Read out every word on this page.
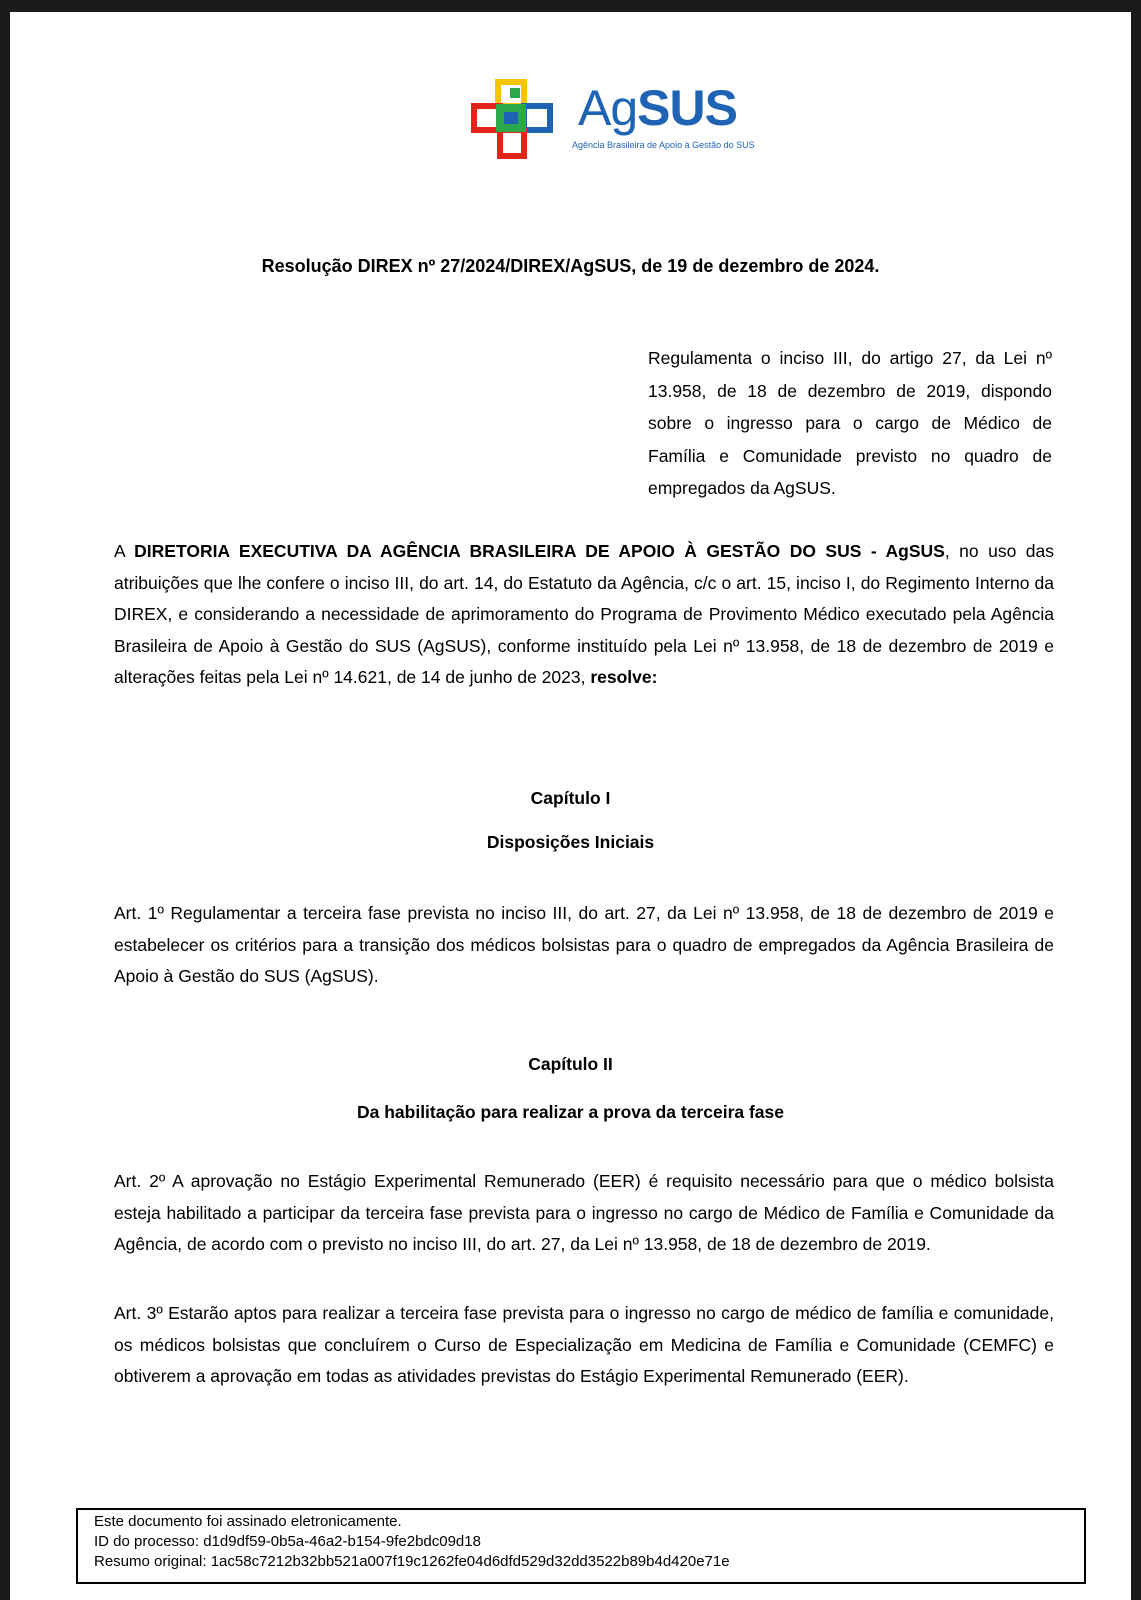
AgSUS
Agência Brasileira de Apoio à Gestão do SUS
Resolução DIREX nº 27/2024/DIREX/AgSUS, de 19 de dezembro de 2024.
Regulamenta o inciso III, do artigo 27, da Lei nº 13.958, de 18 de dezembro de 2019, dispondo sobre o ingresso para o cargo de Médico de Família e Comunidade previsto no quadro de empregados da AgSUS.
A DIRETORIA EXECUTIVA DA AGÊNCIA BRASILEIRA DE APOIO À GESTÃO DO SUS - AgSUS, no uso das atribuições que lhe confere o inciso III, do art. 14, do Estatuto da Agência, c/c o art. 15, inciso I, do Regimento Interno da DIREX, e considerando a necessidade de aprimoramento do Programa de Provimento Médico executado pela Agência Brasileira de Apoio à Gestão do SUS (AgSUS), conforme instituído pela Lei nº 13.958, de 18 de dezembro de 2019 e alterações feitas pela Lei nº 14.621, de 14 de junho de 2023, resolve:
Capítulo I
Disposições Iniciais
Art. 1º Regulamentar a terceira fase prevista no inciso III, do art. 27, da Lei nº 13.958, de 18 de dezembro de 2019 e estabelecer os critérios para a transição dos médicos bolsistas para o quadro de empregados da Agência Brasileira de Apoio à Gestão do SUS (AgSUS).
Capítulo II
Da habilitação para realizar a prova da terceira fase
Art. 2º A aprovação no Estágio Experimental Remunerado (EER) é requisito necessário para que o médico bolsista esteja habilitado a participar da terceira fase prevista para o ingresso no cargo de Médico de Família e Comunidade da Agência, de acordo com o previsto no inciso III, do art. 27, da Lei nº 13.958, de 18 de dezembro de 2019.
Art. 3º Estarão aptos para realizar a terceira fase prevista para o ingresso no cargo de médico de família e comunidade, os médicos bolsistas que concluírem o Curso de Especialização em Medicina de Família e Comunidade (CEMFC) e obtiverem a aprovação em todas as atividades previstas do Estágio Experimental Remunerado (EER).
Este documento foi assinado eletronicamente.
ID do processo: d1d9df59-0b5a-46a2-b154-9fe2bdc09d18
Resumo original: 1ac58c7212b32bb521a007f19c1262fe04d6dfd529d32dd3522b89b4d420e71e
